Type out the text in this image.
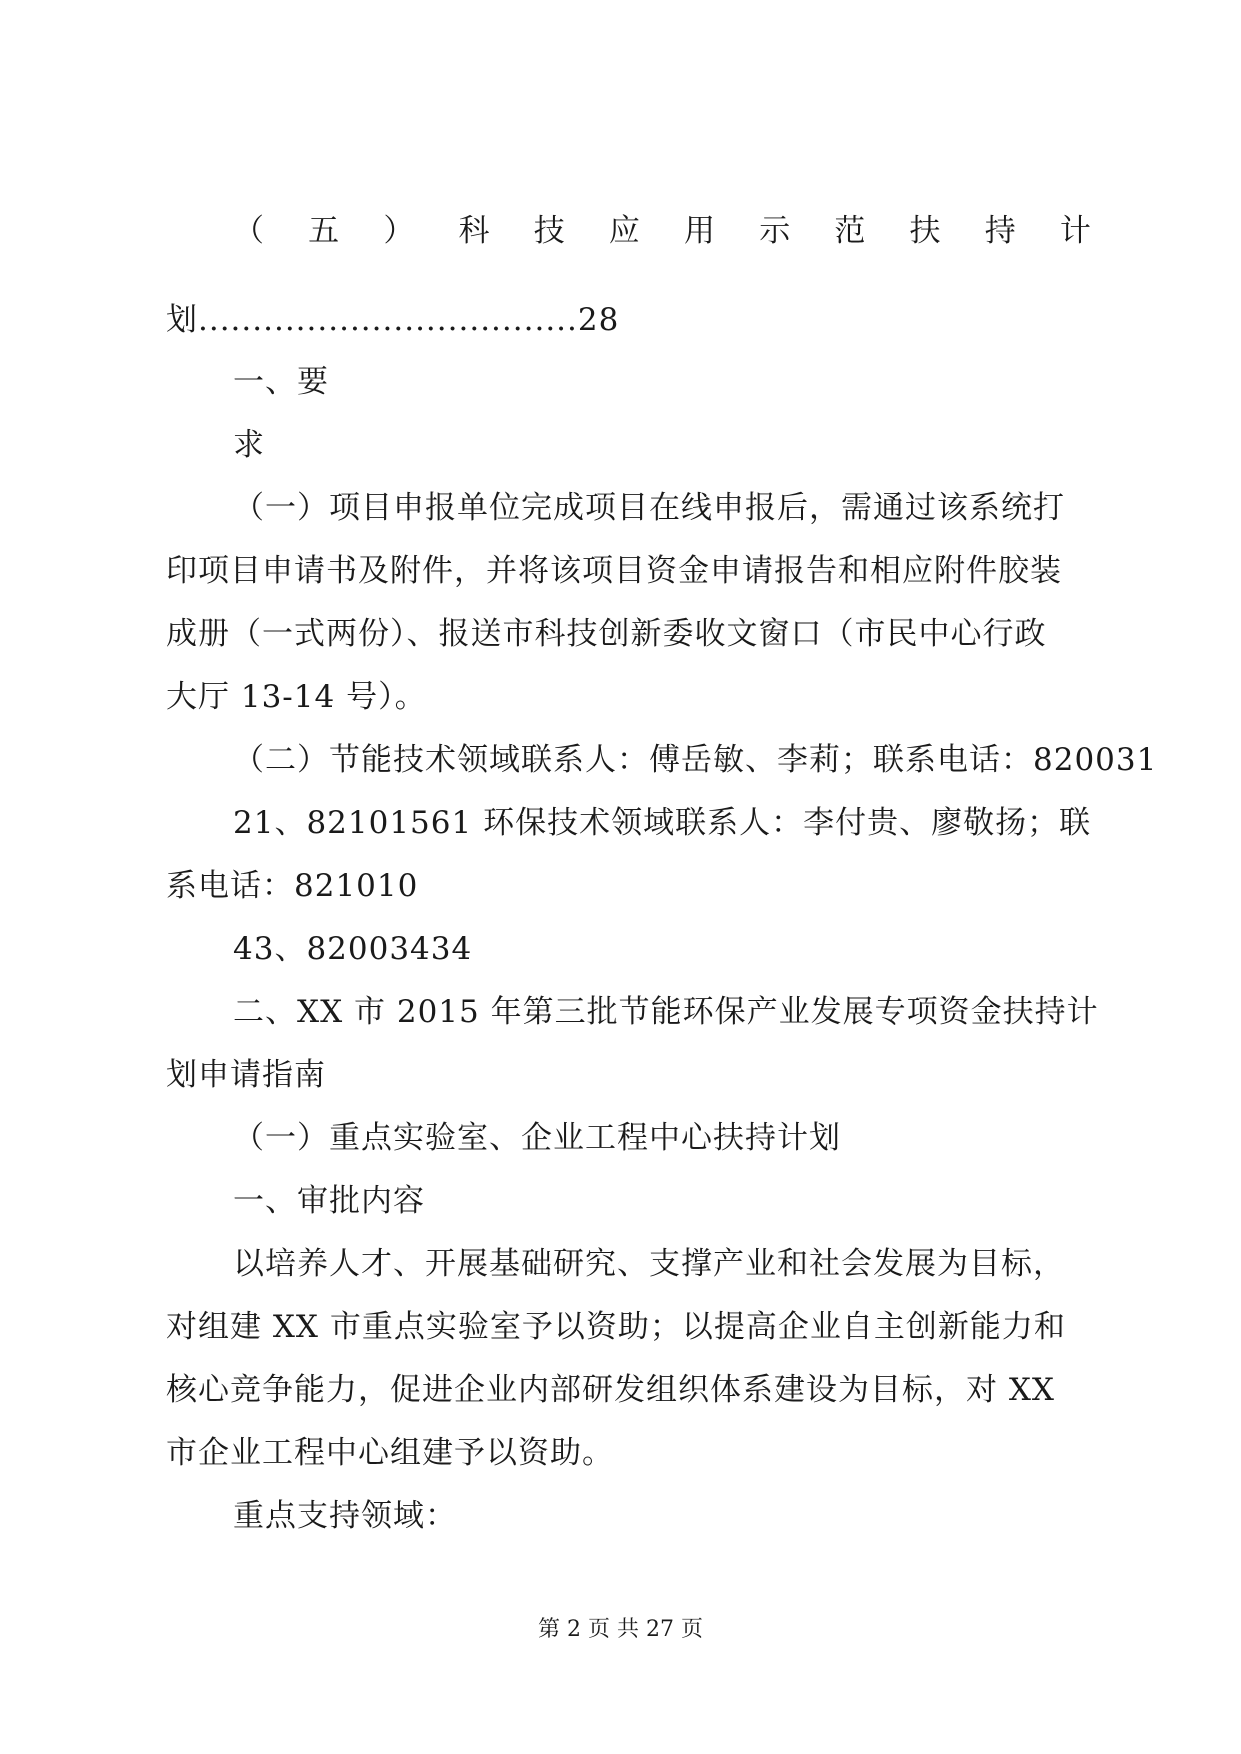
（ 五 ） 科 技 应 用 示 范 扶 持 计
划...................................28
一、要
求
（一）项目申报单位完成项目在线申报后，需通过该系统打
印项目申请书及附件，并将该项目资金申请报告和相应附件胶装
成册（一式两份）、报送市科技创新委收文窗口（市民中心行政
大厅 13-14 号）。
（二）节能技术领域联系人：傅岳敏、李莉；联系电话：820031
21、82101561 环保技术领域联系人：李付贵、廖敬扬；联
系电话：821010
43、82003434
二、XX 市 2015 年第三批节能环保产业发展专项资金扶持计
划申请指南
（一）重点实验室、企业工程中心扶持计划
一、审批内容
以培养人才、开展基础研究、支撑产业和社会发展为目标，
对组建 XX 市重点实验室予以资助；以提高企业自主创新能力和
核心竞争能力，促进企业内部研发组织体系建设为目标，对 XX
市企业工程中心组建予以资助。
重点支持领域：
第 2 页 共 27 页
